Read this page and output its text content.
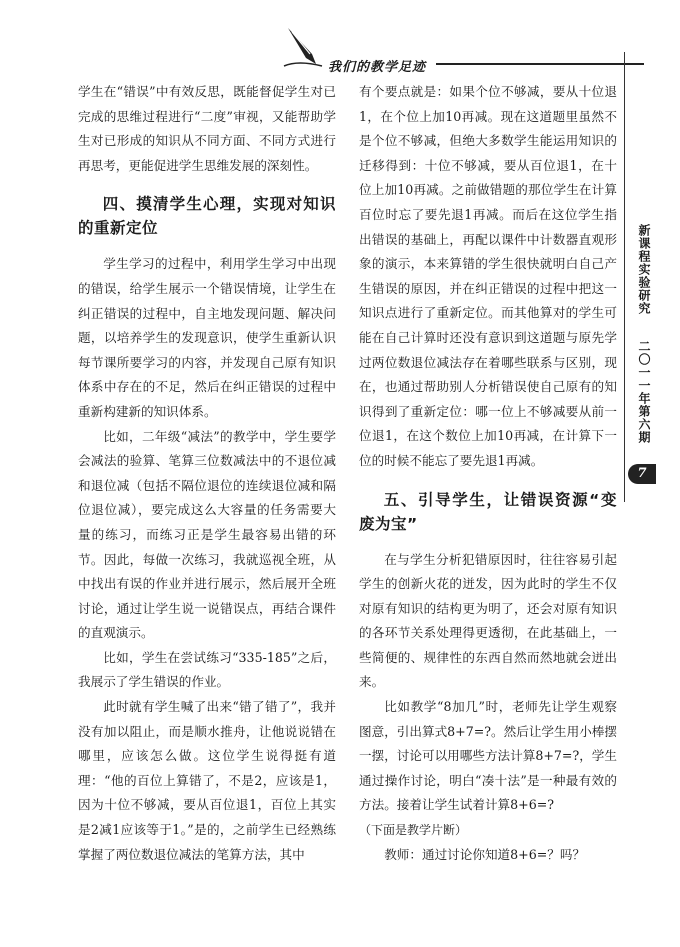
我们的教学足迹

学生在“错误”中有效反思，既能督促学生对已完成的思维过程进行“二度”审视，又能帮助学生对已形成的知识从不同方面、不同方式进行再思考，更能促进学生思维发展的深刻性。

四、摸清学生心理，实现对知识的重新定位

学生学习的过程中，利用学生学习中出现的错误，给学生展示一个错误情境，让学生在纠正错误的过程中，自主地发现问题、解决问题，以培养学生的发现意识，使学生重新认识每节课所要学习的内容，并发现自己原有知识体系中存在的不足，然后在纠正错误的过程中重新构建新的知识体系。

比如，二年级“减法”的教学中，学生要学会减法的验算、笔算三位数减法中的不退位减和退位减（包括不隔位退位的连续退位减和隔位退位减），要完成这么大容量的任务需要大量的练习，而练习正是学生最容易出错的环节。因此，每做一次练习，我就巡视全班，从中找出有误的作业并进行展示，然后展开全班讨论，通过让学生说一说错误点，再结合课件的直观演示。

比如，学生在尝试练习“335-185”之后，我展示了学生错误的作业。

此时就有学生喊了出来“错了错了”，我并没有加以阻止，而是顺水推舟，让他说说错在哪里，应该怎么做。这位学生说得挺有道理：“他的百位上算错了，不是2，应该是1，因为十位不够减，要从百位退1，百位上其实是2减1应该等于1。”是的，之前学生已经熟练掌握了两位数退位减法的笔算方法，其中

有个要点就是：如果个位不够减，要从十位退1，在个位上加10再减。现在这道题里虽然不是个位不够减，但绝大多数学生能运用知识的迁移得到：十位不够减，要从百位退1，在十位上加10再减。之前做错题的那位学生在计算百位时忘了要先退1再减。而后在这位学生指出错误的基础上，再配以课件中计数器直观形象的演示，本来算错的学生很快就明白自己产生错误的原因，并在纠正错误的过程中把这一知识点进行了重新定位。而其他算对的学生可能在自己计算时还没有意识到这道题与原先学过两位数退位减法存在着哪些联系与区别，现在，也通过帮助别人分析错误使自己原有的知识得到了重新定位：哪一位上不够减要从前一位退1，在这个数位上加10再减，在计算下一位的时候不能忘了要先退1再减。

五、引导学生，让错误资源“变废为宝”

在与学生分析犯错原因时，往往容易引起学生的创新火花的迸发，因为此时的学生不仅对原有知识的结构更为明了，还会对原有知识的各环节关系处理得更透彻，在此基础上，一些简便的、规律性的东西自然而然地就会迸出来。

比如教学“8加几”时，老师先让学生观察图意，引出算式8+7=?。然后让学生用小棒摆一摆，讨论可以用哪些方法计算8+7=?，学生通过操作讨论，明白“凑十法”是一种最有效的方法。接着让学生试着计算8+6=?

（下面是教学片断）

教师：通过讨论你知道8+6=？吗？

新课程实验研究
二〇一一年第六期
7
